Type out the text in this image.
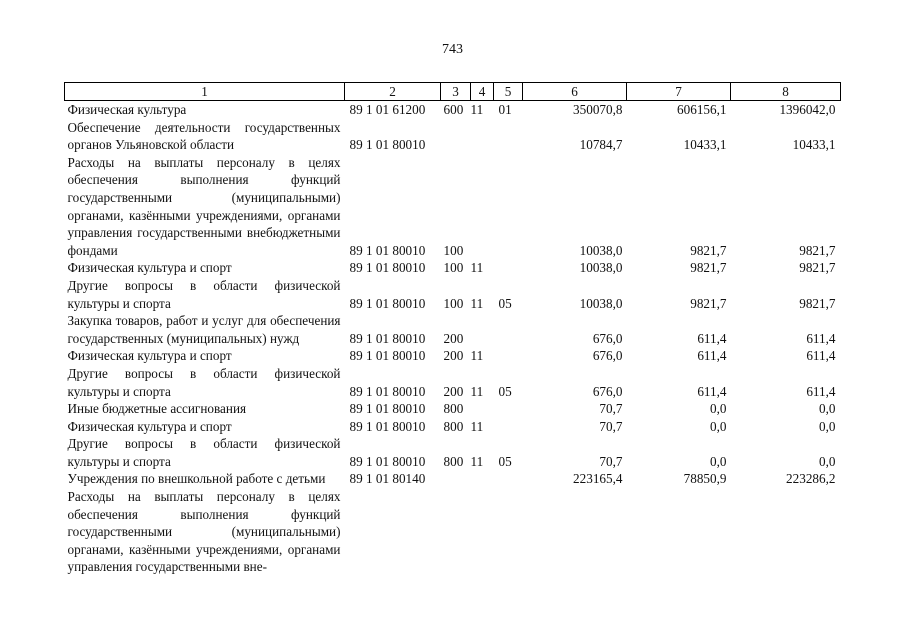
743
1	2	3	4	5	6	7	8
Физическая культура	89 1 01 61200	600	11	01	350070,8	606156,1	1396042,0
Обеспечение деятельности государственных органов Ульяновской области	89 1 01 80010				10784,7	10433,1	10433,1
Расходы на выплаты персоналу в целях обеспечения выполнения функций государственными (муниципальными) органами, казёнными учреждениями, органами управления государственными внебюджетными фондами	89 1 01 80010	100			10038,0	9821,7	9821,7
Физическая культура и спорт	89 1 01 80010	100	11		10038,0	9821,7	9821,7
Другие вопросы в области физической культуры и спорта	89 1 01 80010	100	11	05	10038,0	9821,7	9821,7
Закупка товаров, работ и услуг для обеспечения государственных (муниципальных) нужд	89 1 01 80010	200			676,0	611,4	611,4
Физическая культура и спорт	89 1 01 80010	200	11		676,0	611,4	611,4
Другие вопросы в области физической культуры и спорта	89 1 01 80010	200	11	05	676,0	611,4	611,4
Иные бюджетные ассигнования	89 1 01 80010	800			70,7	0,0	0,0
Физическая культура и спорт	89 1 01 80010	800	11		70,7	0,0	0,0
Другие вопросы в области физической культуры и спорта	89 1 01 80010	800	11	05	70,7	0,0	0,0
Учреждения по внешкольной работе с детьми	89 1 01 80140				223165,4	78850,9	223286,2
Расходы на выплаты персоналу в целях обеспечения выполнения функций государственными (муниципальными) органами, казёнными учреждениями, органами управления государственными вне-							
